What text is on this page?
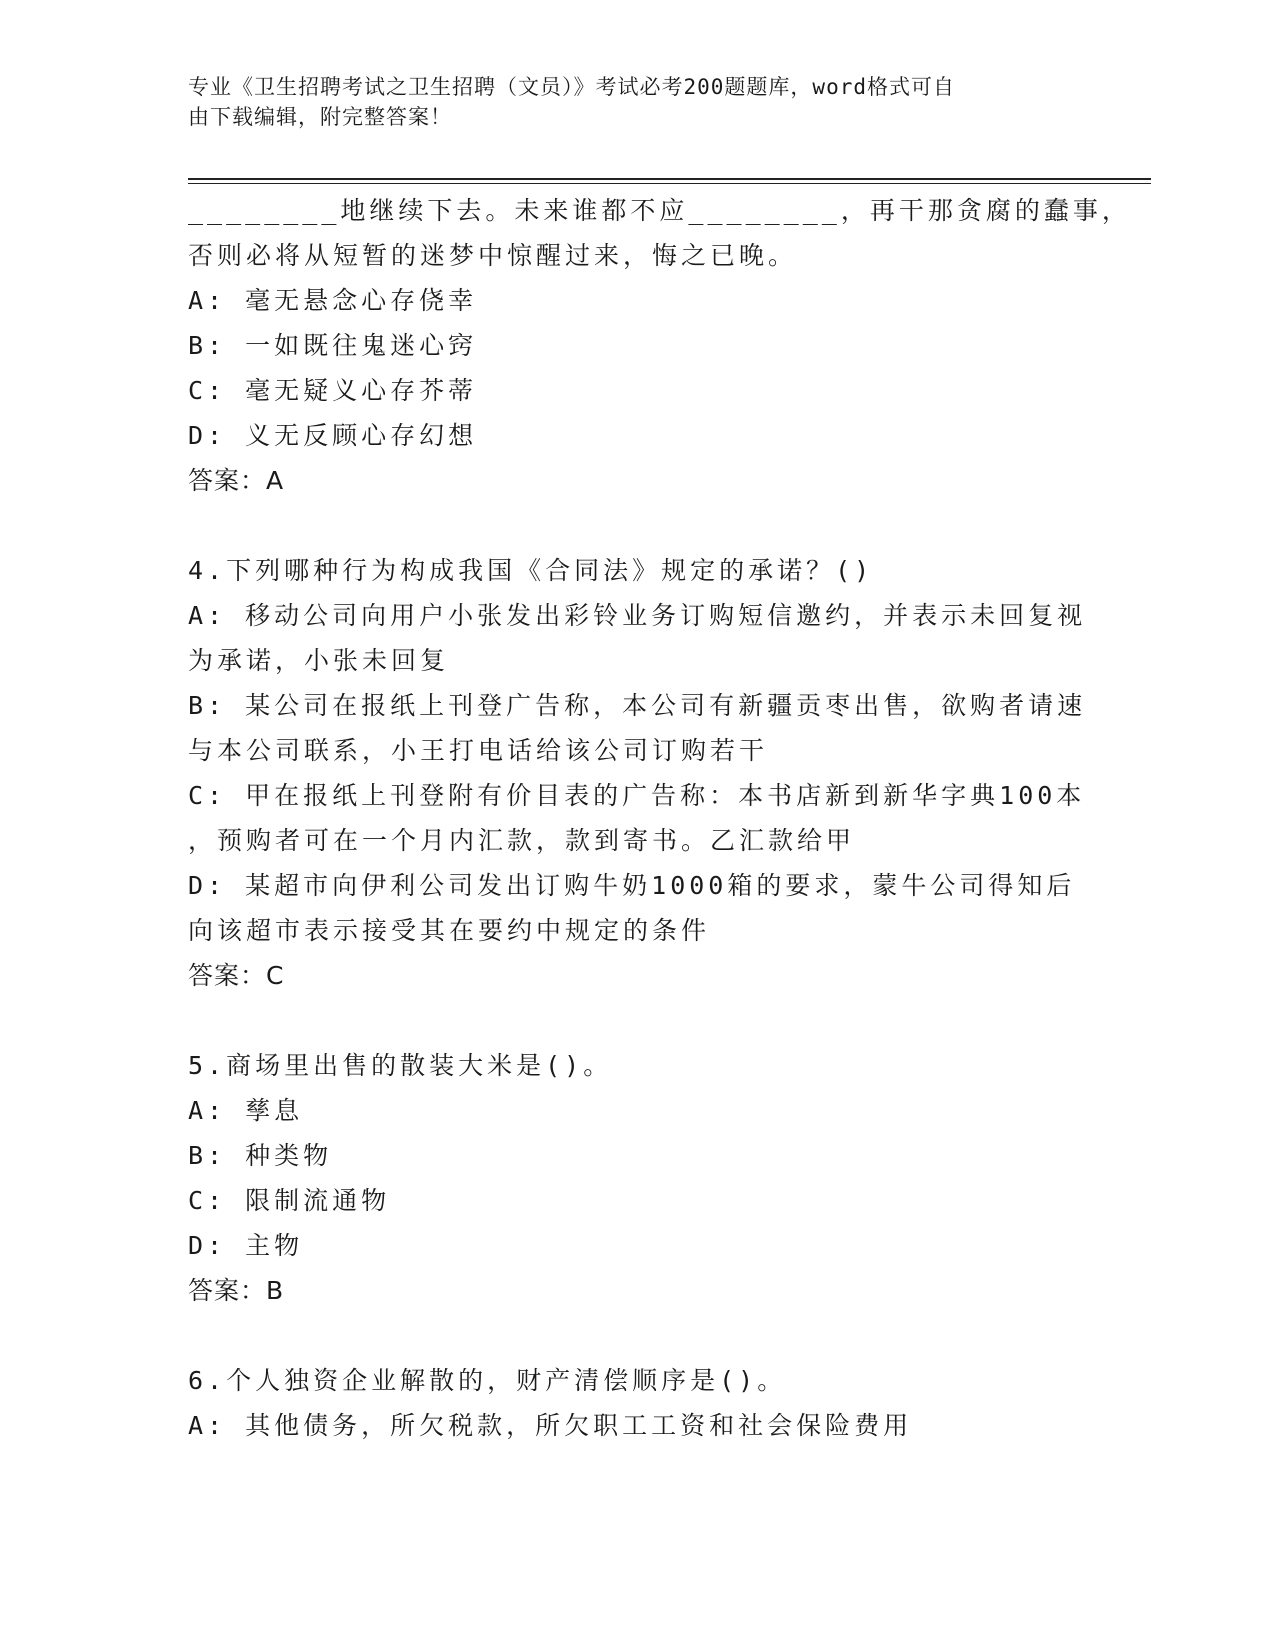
专业《卫生招聘考试之卫生招聘（文员）》考试必考200题题库，word格式可自
由下载编辑，附完整答案！
________地继续下去。未来谁都不应________，再干那贪腐的蠢事，
否则必将从短暂的迷梦中惊醒过来，悔之已晚。
A: 毫无悬念心存侥幸
B: 一如既往鬼迷心窍
C: 毫无疑义心存芥蒂
D: 义无反顾心存幻想
答案：A
4.下列哪种行为构成我国《合同法》规定的承诺？()
A: 移动公司向用户小张发出彩铃业务订购短信邀约，并表示未回复视
为承诺，小张未回复
B: 某公司在报纸上刊登广告称，本公司有新疆贡枣出售，欲购者请速
与本公司联系，小王打电话给该公司订购若干
C: 甲在报纸上刊登附有价目表的广告称：本书店新到新华字典100本
，预购者可在一个月内汇款，款到寄书。乙汇款给甲
D: 某超市向伊利公司发出订购牛奶1000箱的要求，蒙牛公司得知后
向该超市表示接受其在要约中规定的条件
答案：C
5.商场里出售的散装大米是()。
A: 孳息
B: 种类物
C: 限制流通物
D: 主物
答案：B
6.个人独资企业解散的，财产清偿顺序是()。
A: 其他债务，所欠税款，所欠职工工资和社会保险费用
